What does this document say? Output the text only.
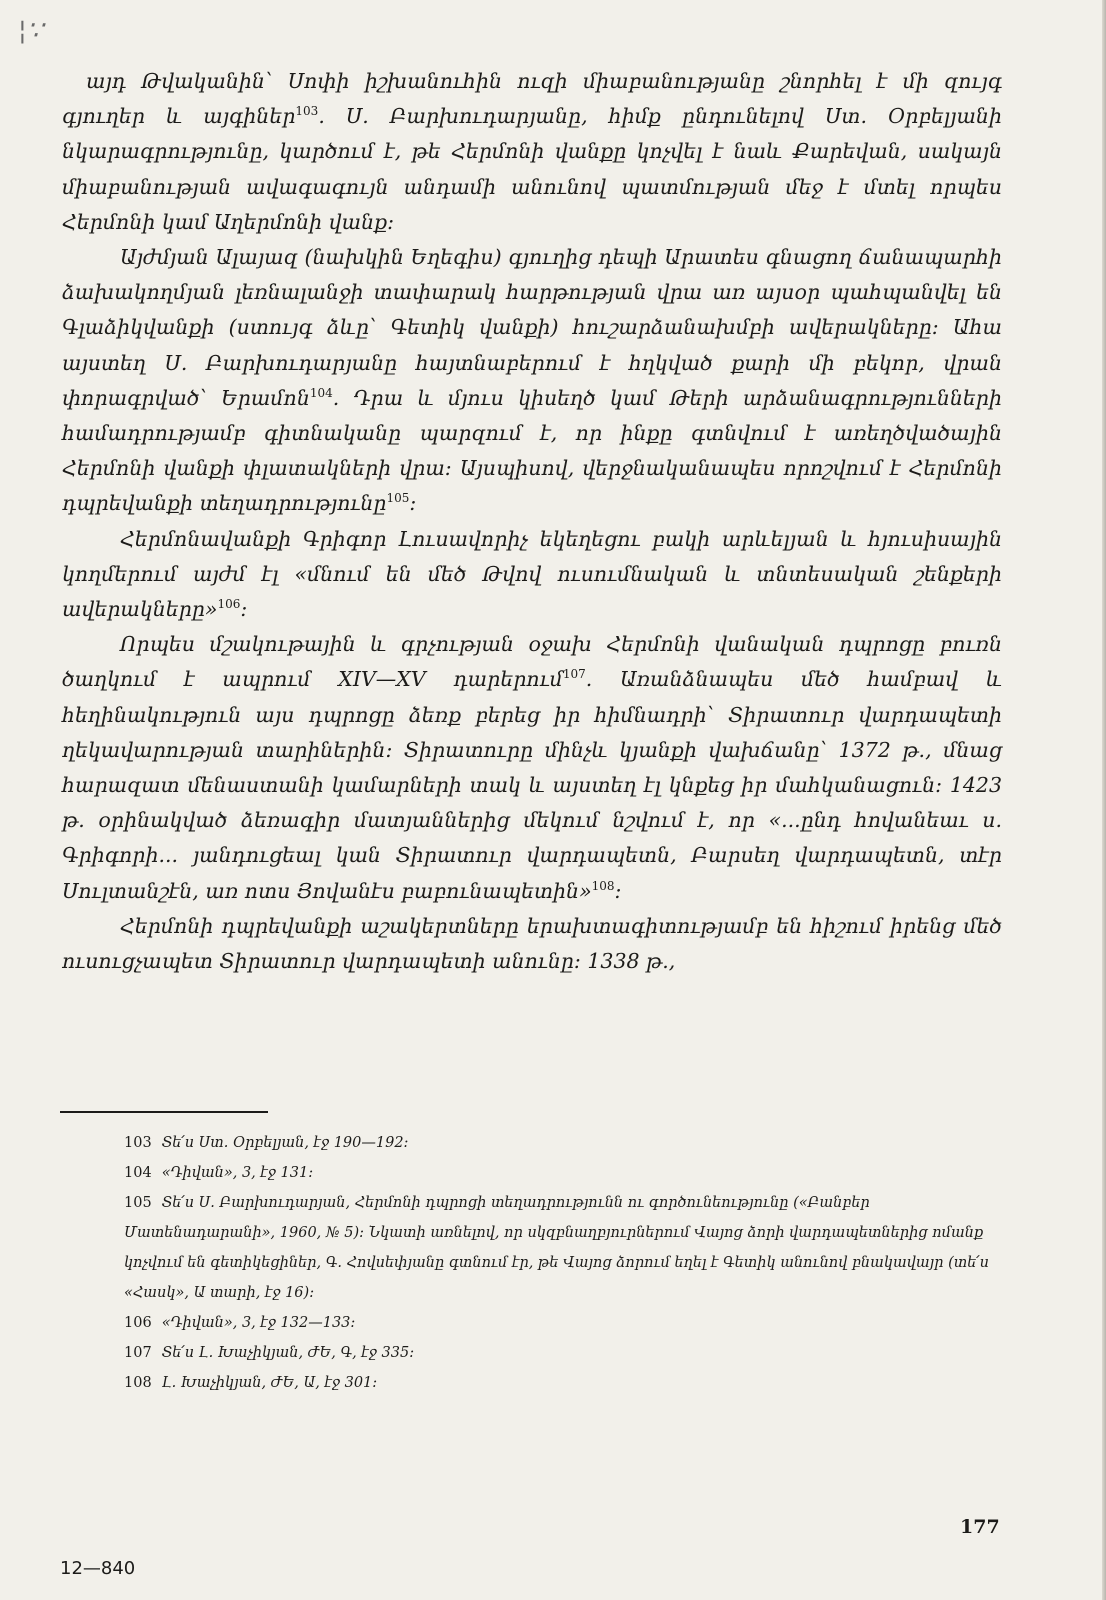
¦∵

այդ Թվականին՝ Սոփի իշխանուհին ուզի միաբանությանը շնորհել է մի զույգ գյուղեր և այգիներ$^{103}$. Ս. Բարխուդարյանը, հիմք ընդունելով Ստ. Օրբելյանի նկարագրությունը, կարծում է, թե Հերմոնի վանքը կոչվել է նաև Քարեվան, սակայն միաբանության ավագագույն անդամի անունով պատմության մեջ է մտել որպես Հերմոնի կամ Աղերմոնի վանք։

Այժմյան Ալայազ (նախկին Եղեգիս) գյուղից դեպի Արատես գնացող ճանապարհի ձախակողմյան լեռնալանջի տափարակ հարթության վրա առ այսօր պահպանվել են Գլաձիկվանքի (ստույգ ձևը՝ Գետիկ վանքի) հուշարձանախմբի ավերակները։ Ահա այստեղ Ս. Բարխուդարյանը հայտնաբերում է հղկված քարի մի բեկոր, վրան փորագրված՝ Երամոն$^{104}$. Դրա և մյուս կիսեղծ կամ Թերի արձանագրությունների համադրությամբ գիտնականը պարզում է, որ ինքը գտնվում է առեղծվածային Հերմոնի վանքի փլատակների վրա։ Այսպիսով, վերջնականապես որոշվում է Հերմոնի դպրեվանքի տեղադրությունը$^{105}$։

Հերմոնավանքի Գրիգոր Լուսավորիչ եկեղեցու բակի արևելյան և հյուսիսային կողմերում այժմ էլ «մնում են մեծ Թվով ուսումնական և տնտեսական շենքերի ավերակները»$^{106}$։

Որպես մշակութային և գրչության օջախ Հերմոնի վանական դպրոցը բուռն ծաղկում է ապրում XIV—XV դարերում$^{107}$. Առանձնապես մեծ համբավ և հեղինակություն այս դպրոցը ձեռք բերեց իր հիմնադրի՝ Տիրատուր վարդապետի ղեկավարության տարիներին։ Տիրատուրը մինչև կյանքի վախճանը՝ 1372 թ., մնաց հարազատ մենաստանի կամարների տակ և այստեղ էլ կնքեց իր մահկանացուն։ 1423 թ. օրինակված ձեռագիր մատյաններից մեկում նշվում է, որ «...ընդ հովանեաւ ս. Գրիգորի... յանդուցեալ կան Տիրատուր վարդապետն, Բարսեղ վարդապետն, տէր Սուլտանշէն, առ ոտս Յովանէս բաբունապետին»$^{108}$։

Հերմոնի դպրեվանքի աշակերտները երախտագիտությամբ են հիշում իրենց մեծ ուսուցչապետ Տիրատուր վարդապետի անունը։ 1338 թ.,

103 Տե՛ս Ստ. Օրբելյան, էջ 190—192։

104 «Դիվան», 3, էջ 131։

105 Տե՛ս Ս. Բարխուդարյան, Հերմոնի դպրոցի տեղադրությունն ու գործունեությունը («Բանբեր Մատենադարանի», 1960, № 5)։ Նկատի առնելով, որ սկզբնաղբյուրներում Վայոց ձորի վարդապետներից ոմանք կոչվում են գետիկեցիներ, Գ. Հովսեփյանը գտնում էր, թե Վայոց ձորում եղել է Գետիկ անունով բնակավայր (տե՛ս «Հասկ», Ա տարի, էջ 16)։

106 «Դիվան», 3, էջ 132—133։

107 Տե՛ս Լ. Խաչիկյան, ԺԵ, Գ, էջ 335։

108 Լ. Խաչիկյան, ԺԵ, Ա, էջ 301։

177
12—840
